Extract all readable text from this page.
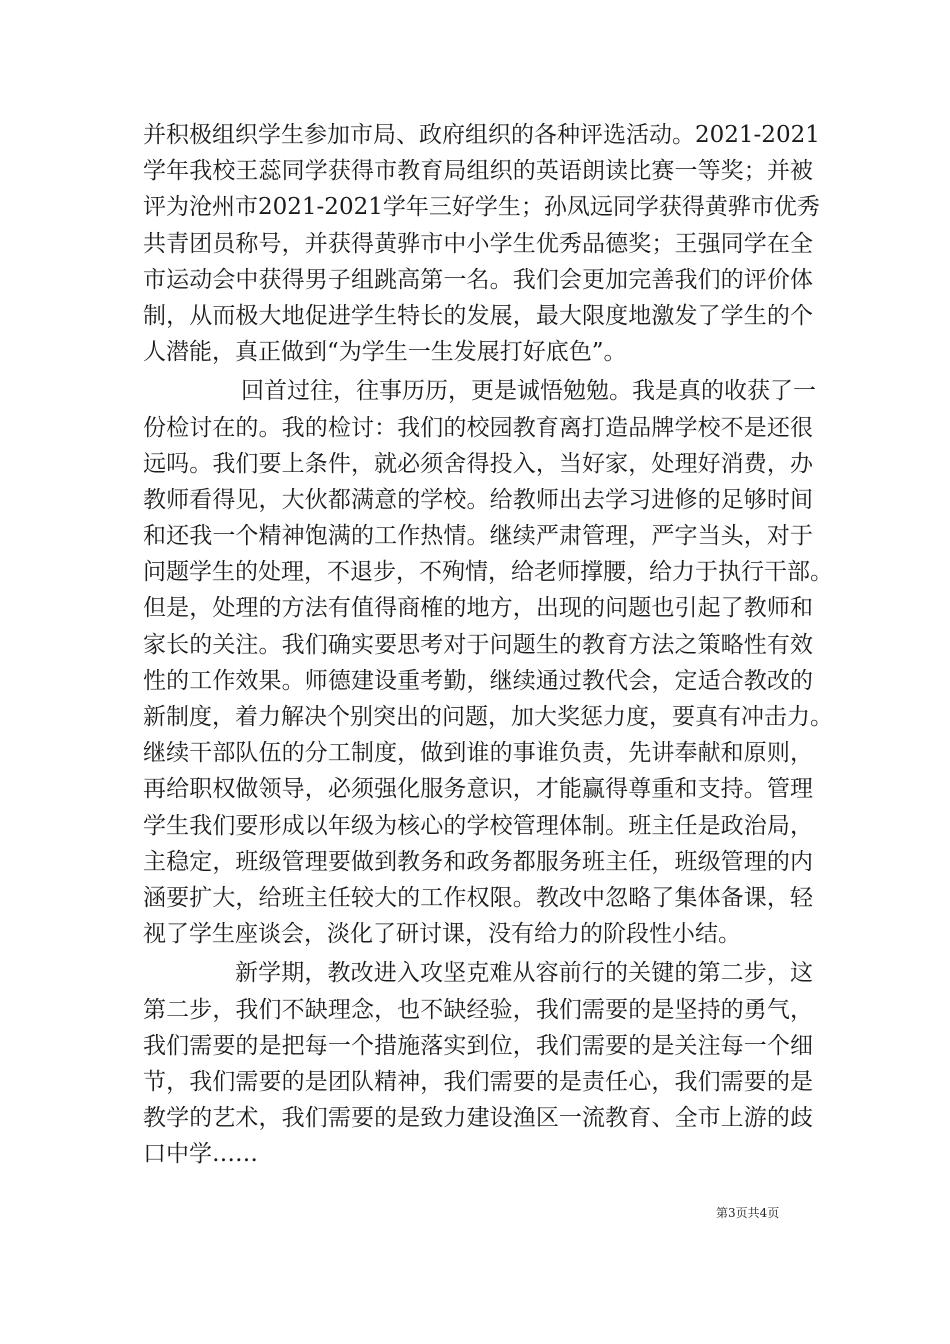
并积极组织学生参加市局、政府组织的各种评选活动。2021-2021
学年我校王蕊同学获得市教育局组织的英语朗读比赛一等奖；并被
评为沧州市2021-2021学年三好学生；孙凤远同学获得黄骅市优秀
共青团员称号，并获得黄骅市中小学生优秀品德奖；王强同学在全
市运动会中获得男子组跳高第一名。我们会更加完善我们的评价体
制，从而极大地促进学生特长的发展，最大限度地激发了学生的个
人潜能，真正做到“为学生一生发展打好底色”。
回首过往，往事历历，更是诚悟勉勉。我是真的收获了一
份检讨在的。我的检讨：我们的校园教育离打造品牌学校不是还很
远吗。我们要上条件，就必须舍得投入，当好家，处理好消费，办
教师看得见，大伙都满意的学校。给教师出去学习进修的足够时间
和还我一个精神饱满的工作热情。继续严肃管理，严字当头，对于
问题学生的处理，不退步，不殉情，给老师撑腰，给力于执行干部。
但是，处理的方法有值得商榷的地方，出现的问题也引起了教师和
家长的关注。我们确实要思考对于问题生的教育方法之策略性有效
性的工作效果。师德建设重考勤，继续通过教代会，定适合教改的
新制度，着力解决个别突出的问题，加大奖惩力度，要真有冲击力。
继续干部队伍的分工制度，做到谁的事谁负责，先讲奉献和原则，
再给职权做领导，必须强化服务意识，才能赢得尊重和支持。管理
学生我们要形成以年级为核心的学校管理体制。班主任是政治局，
主稳定，班级管理要做到教务和政务都服务班主任，班级管理的内
涵要扩大，给班主任较大的工作权限。教改中忽略了集体备课，轻
视了学生座谈会，淡化了研讨课，没有给力的阶段性小结。
新学期，教改进入攻坚克难从容前行的关键的第二步，这
第二步，我们不缺理念，也不缺经验，我们需要的是坚持的勇气，
我们需要的是把每一个措施落实到位，我们需要的是关注每一个细
节，我们需要的是团队精神，我们需要的是责任心，我们需要的是
教学的艺术，我们需要的是致力建设渔区一流教育、全市上游的歧
口中学……
第3页共4页
